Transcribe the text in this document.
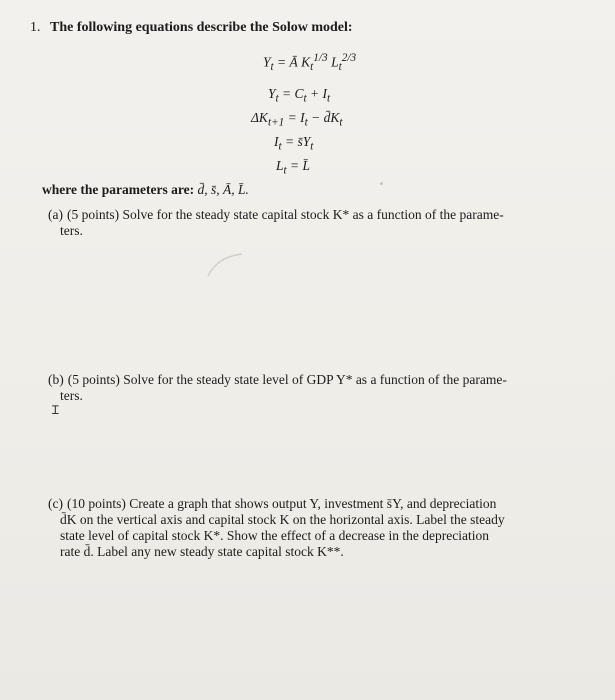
1. The following equations describe the Solow model:
$Y_t$ = Ā $K_t^{1/3}$ $L_t^{2/3}$
$Y_t = C_t + I_t$
$\Delta K_{t+1} = I_t$ − $d̄K_t$
$I_t$ = $s̄Y_t$
$L_t$ = L̄
where the parameters are: d̄, s̄, Ā, L̄.
(a) (5 points) Solve for the steady state capital stock K* as a function of the parame-
ters.
(b) (5 points) Solve for the steady state level of GDP Y* as a function of the parame-
ters.
Ɪ
(c) (10 points) Create a graph that shows output Y, investment s̄Y, and depreciation
d̄K on the vertical axis and capital stock K on the horizontal axis. Label the steady
state level of capital stock K*. Show the effect of a decrease in the depreciation
rate d̄. Label any new steady state capital stock K**.
